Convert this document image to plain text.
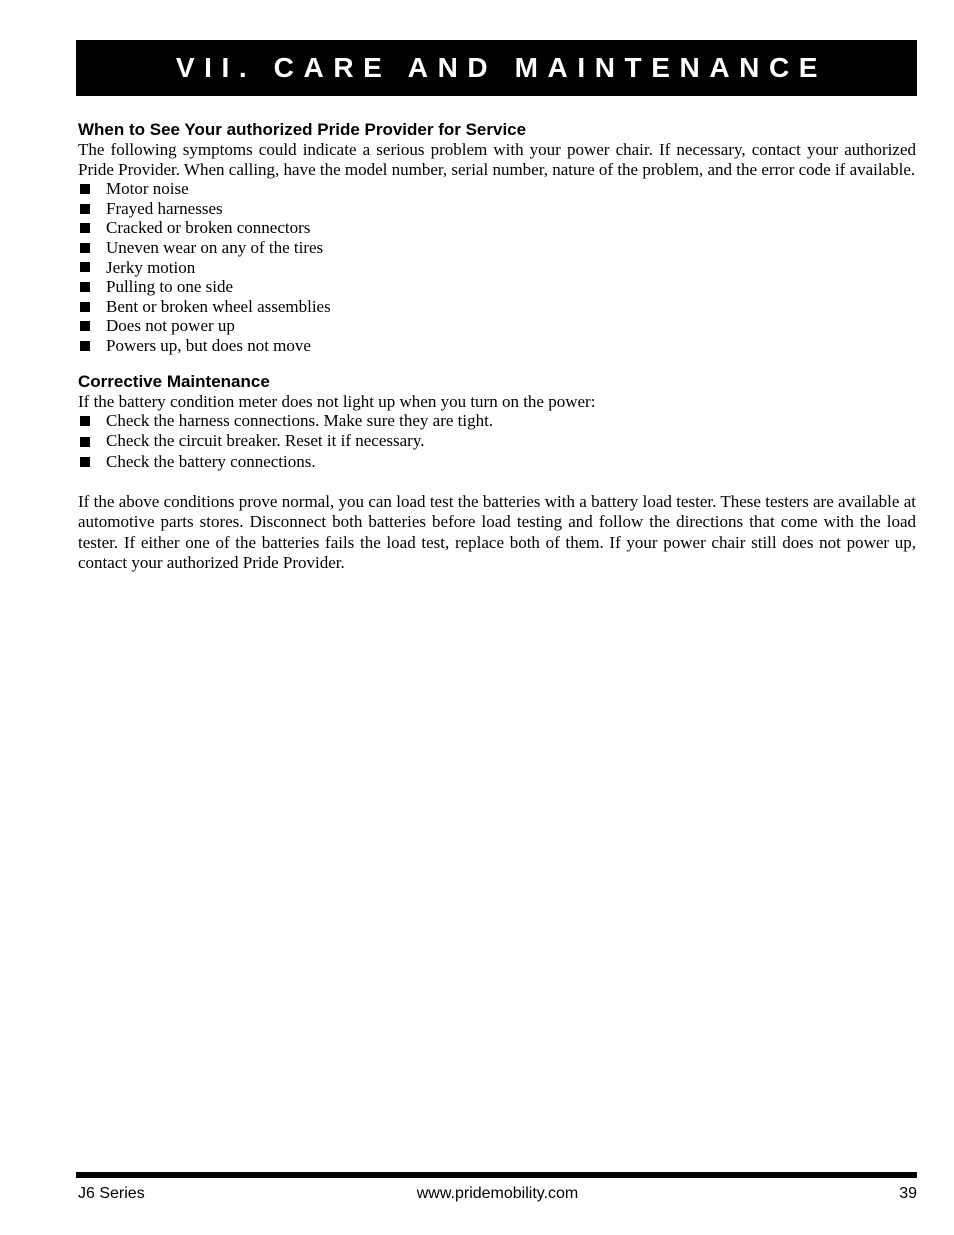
VII. CARE AND MAINTENANCE
When to See Your authorized Pride Provider for Service

The following symptoms could indicate a serious problem with your power chair. If necessary, contact your authorized Pride Provider. When calling, have the model number, serial number, nature of the problem, and the error code if available.

Motor noise
Frayed harnesses
Cracked or broken connectors
Uneven wear on any of the tires
Jerky motion
Pulling to one side
Bent or broken wheel assemblies
Does not power up
Powers up, but does not move
Corrective Maintenance

If the battery condition meter does not light up when you turn on the power:

Check the harness connections. Make sure they are tight.
Check the circuit breaker. Reset it if necessary.
Check the battery connections.

If the above conditions prove normal, you can load test the batteries with a battery load tester. These testers are available at automotive parts stores. Disconnect both batteries before load testing and follow the directions that come with the load tester. If either one of the batteries fails the load test, replace both of them. If your power chair still does not power up, contact your authorized Pride Provider.

J6 Series	www.pridemobility.com	39
